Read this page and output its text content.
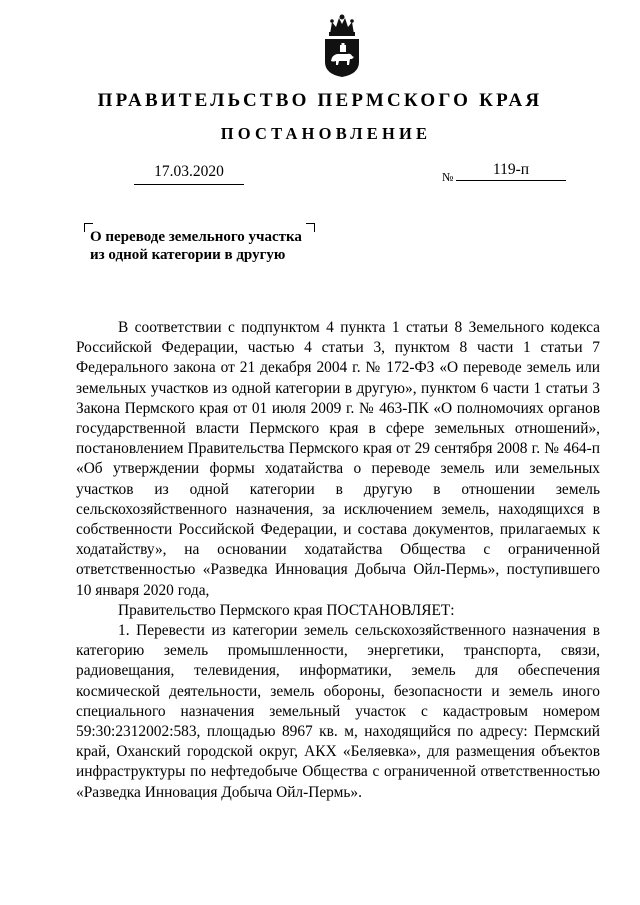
ПРАВИТЕЛЬСТВО ПЕРМСКОГО КРАЯ
ПОСТАНОВЛЕНИЕ
17.03.2020	№	119-п
О переводе земельного участка
из одной категории в другую

В соответствии с подпунктом 4 пункта 1 статьи 8 Земельного кодекса Российской Федерации, частью 4 статьи 3, пунктом 8 части 1 статьи 7 Федерального закона от 21 декабря 2004 г. № 172-ФЗ «О переводе земель или земельных участков из одной категории в другую», пунктом 6 части 1 статьи 3 Закона Пермского края от 01 июля 2009 г. № 463-ПК «О полномочиях органов государственной власти Пермского края в сфере земельных отношений», постановлением Правительства Пермского края от 29 сентября 2008 г. № 464-п «Об утверждении формы ходатайства о переводе земель или земельных участков из одной категории в другую в отношении земель сельскохозяйственного назначения, за исключением земель, находящихся в собственности Российской Федерации, и состава документов, прилагаемых к ходатайству», на основании ходатайства Общества с ограниченной ответственностью «Разведка Инновация Добыча Ойл-Пермь», поступившего 10 января 2020 года,

Правительство Пермского края ПОСТАНОВЛЯЕТ:

1. Перевести из категории земель сельскохозяйственного назначения в категорию земель промышленности, энергетики, транспорта, связи, радиовещания, телевидения, информатики, земель для обеспечения космической деятельности, земель обороны, безопасности и земель иного специального назначения земельный участок с кадастровым номером 59:30:2312002:583, площадью 8967 кв. м, находящийся по адресу: Пермский край, Оханский городской округ, АКХ «Беляевка», для размещения объектов инфраструктуры по нефтедобыче Общества с ограниченной ответственностью «Разведка Инновация Добыча Ойл-Пермь».
